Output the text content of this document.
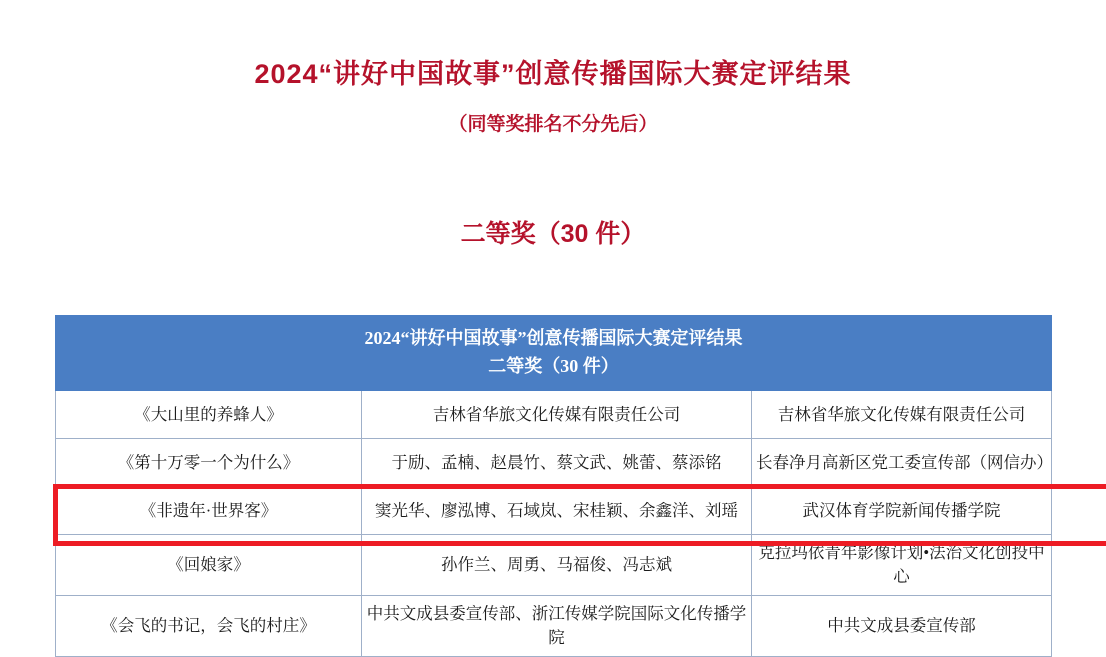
2024“讲好中国故事”创意传播国际大赛定评结果
（同等奖排名不分先后）
二等奖（30 件）
2024“讲好中国故事”创意传播国际大赛定评结果
二等奖（30 件）		

《大山里的养蜂人》	吉林省华旅文化传媒有限责任公司	吉林省华旅文化传媒有限责任公司
《第十万零一个为什么》	于励、孟楠、赵晨竹、蔡文武、姚蕾、蔡添铭	长春净月高新区党工委宣传部（网信办）
《非遗年·世界客》	窦光华、廖泓博、石域岚、宋桂颖、余鑫洋、刘瑶	武汉体育学院新闻传播学院
《回娘家》	孙作兰、周勇、马福俊、冯志斌	克拉玛依青年影像计划•法治文化创投中心
《会飞的书记，会飞的村庄》	中共文成县委宣传部、浙江传媒学院国际文化传播学院	中共文成县委宣传部
